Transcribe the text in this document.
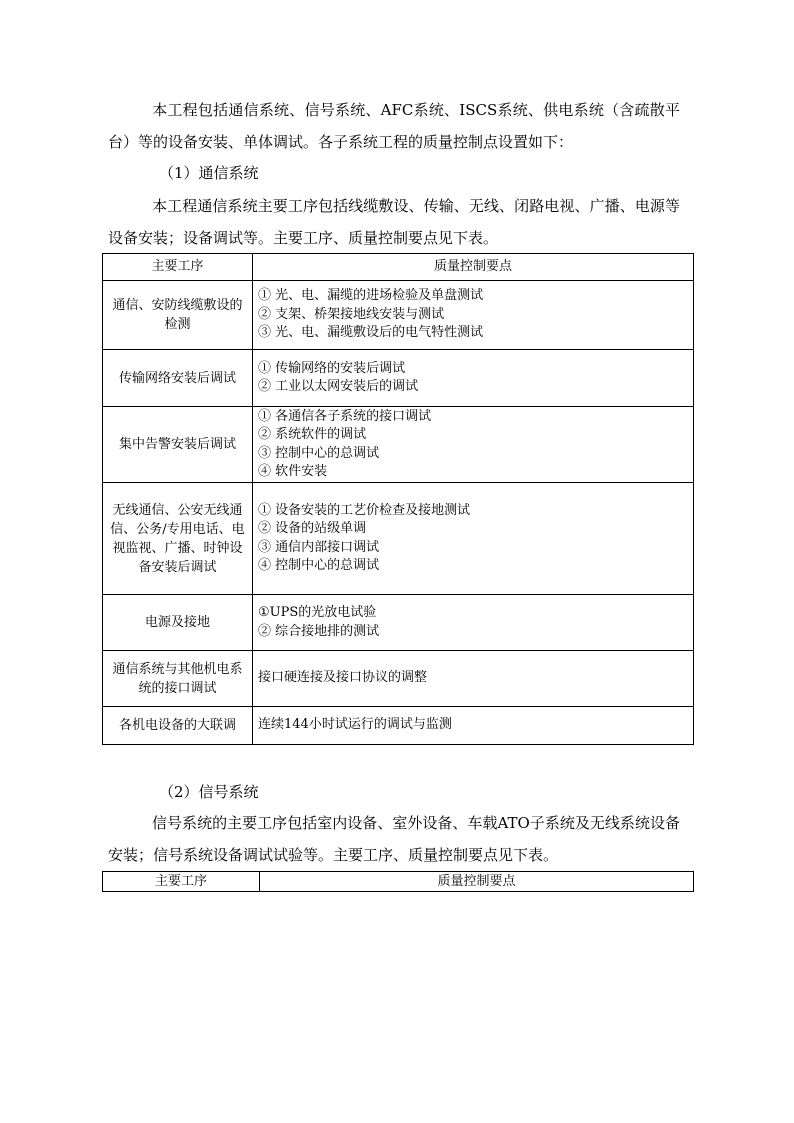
本工程包括通信系统、信号系统、AFC系统、ISCS系统、供电系统（含疏散平台）等的设备安装、单体调试。各子系统工程的质量控制点设置如下：

（1）通信系统

本工程通信系统主要工序包括线缆敷设、传输、无线、闭路电视、广播、电源等设备安装；设备调试等。主要工序、质量控制要点见下表。

主要工序	质量控制要点
通信、安防线缆敷设的检测	① 光、电、漏缆的进场检验及单盘测试
② 支架、桥架接地线安装与测试
③ 光、电、漏缆敷设后的电气特性测试

传输网络安装后调试	① 传输网络的安装后调试
② 工业以太网安装后的调试

集中告警安装后调试	① 各通信各子系统的接口调试
② 系统软件的调试
③ 控制中心的总调试
④ 软件安装

无线通信、公安无线通信、公务/专用电话、电视监视、广播、时钟设备安装后调试	① 设备安装的工艺价检查及接地测试
② 设备的站级单调
③ 通信内部接口调试
④ 控制中心的总调试

电源及接地	①UPS的光放电试验
② 综合接地排的测试

通信系统与其他机电系统的接口调试	接口硬连接及接口协议的调整

各机电设备的大联调	连续144小时试运行的调试与监测

（2）信号系统

信号系统的主要工序包括室内设备、室外设备、车载ATO子系统及无线系统设备安装；信号系统设备调试试验等。主要工序、质量控制要点见下表。

主要工序	质量控制要点
